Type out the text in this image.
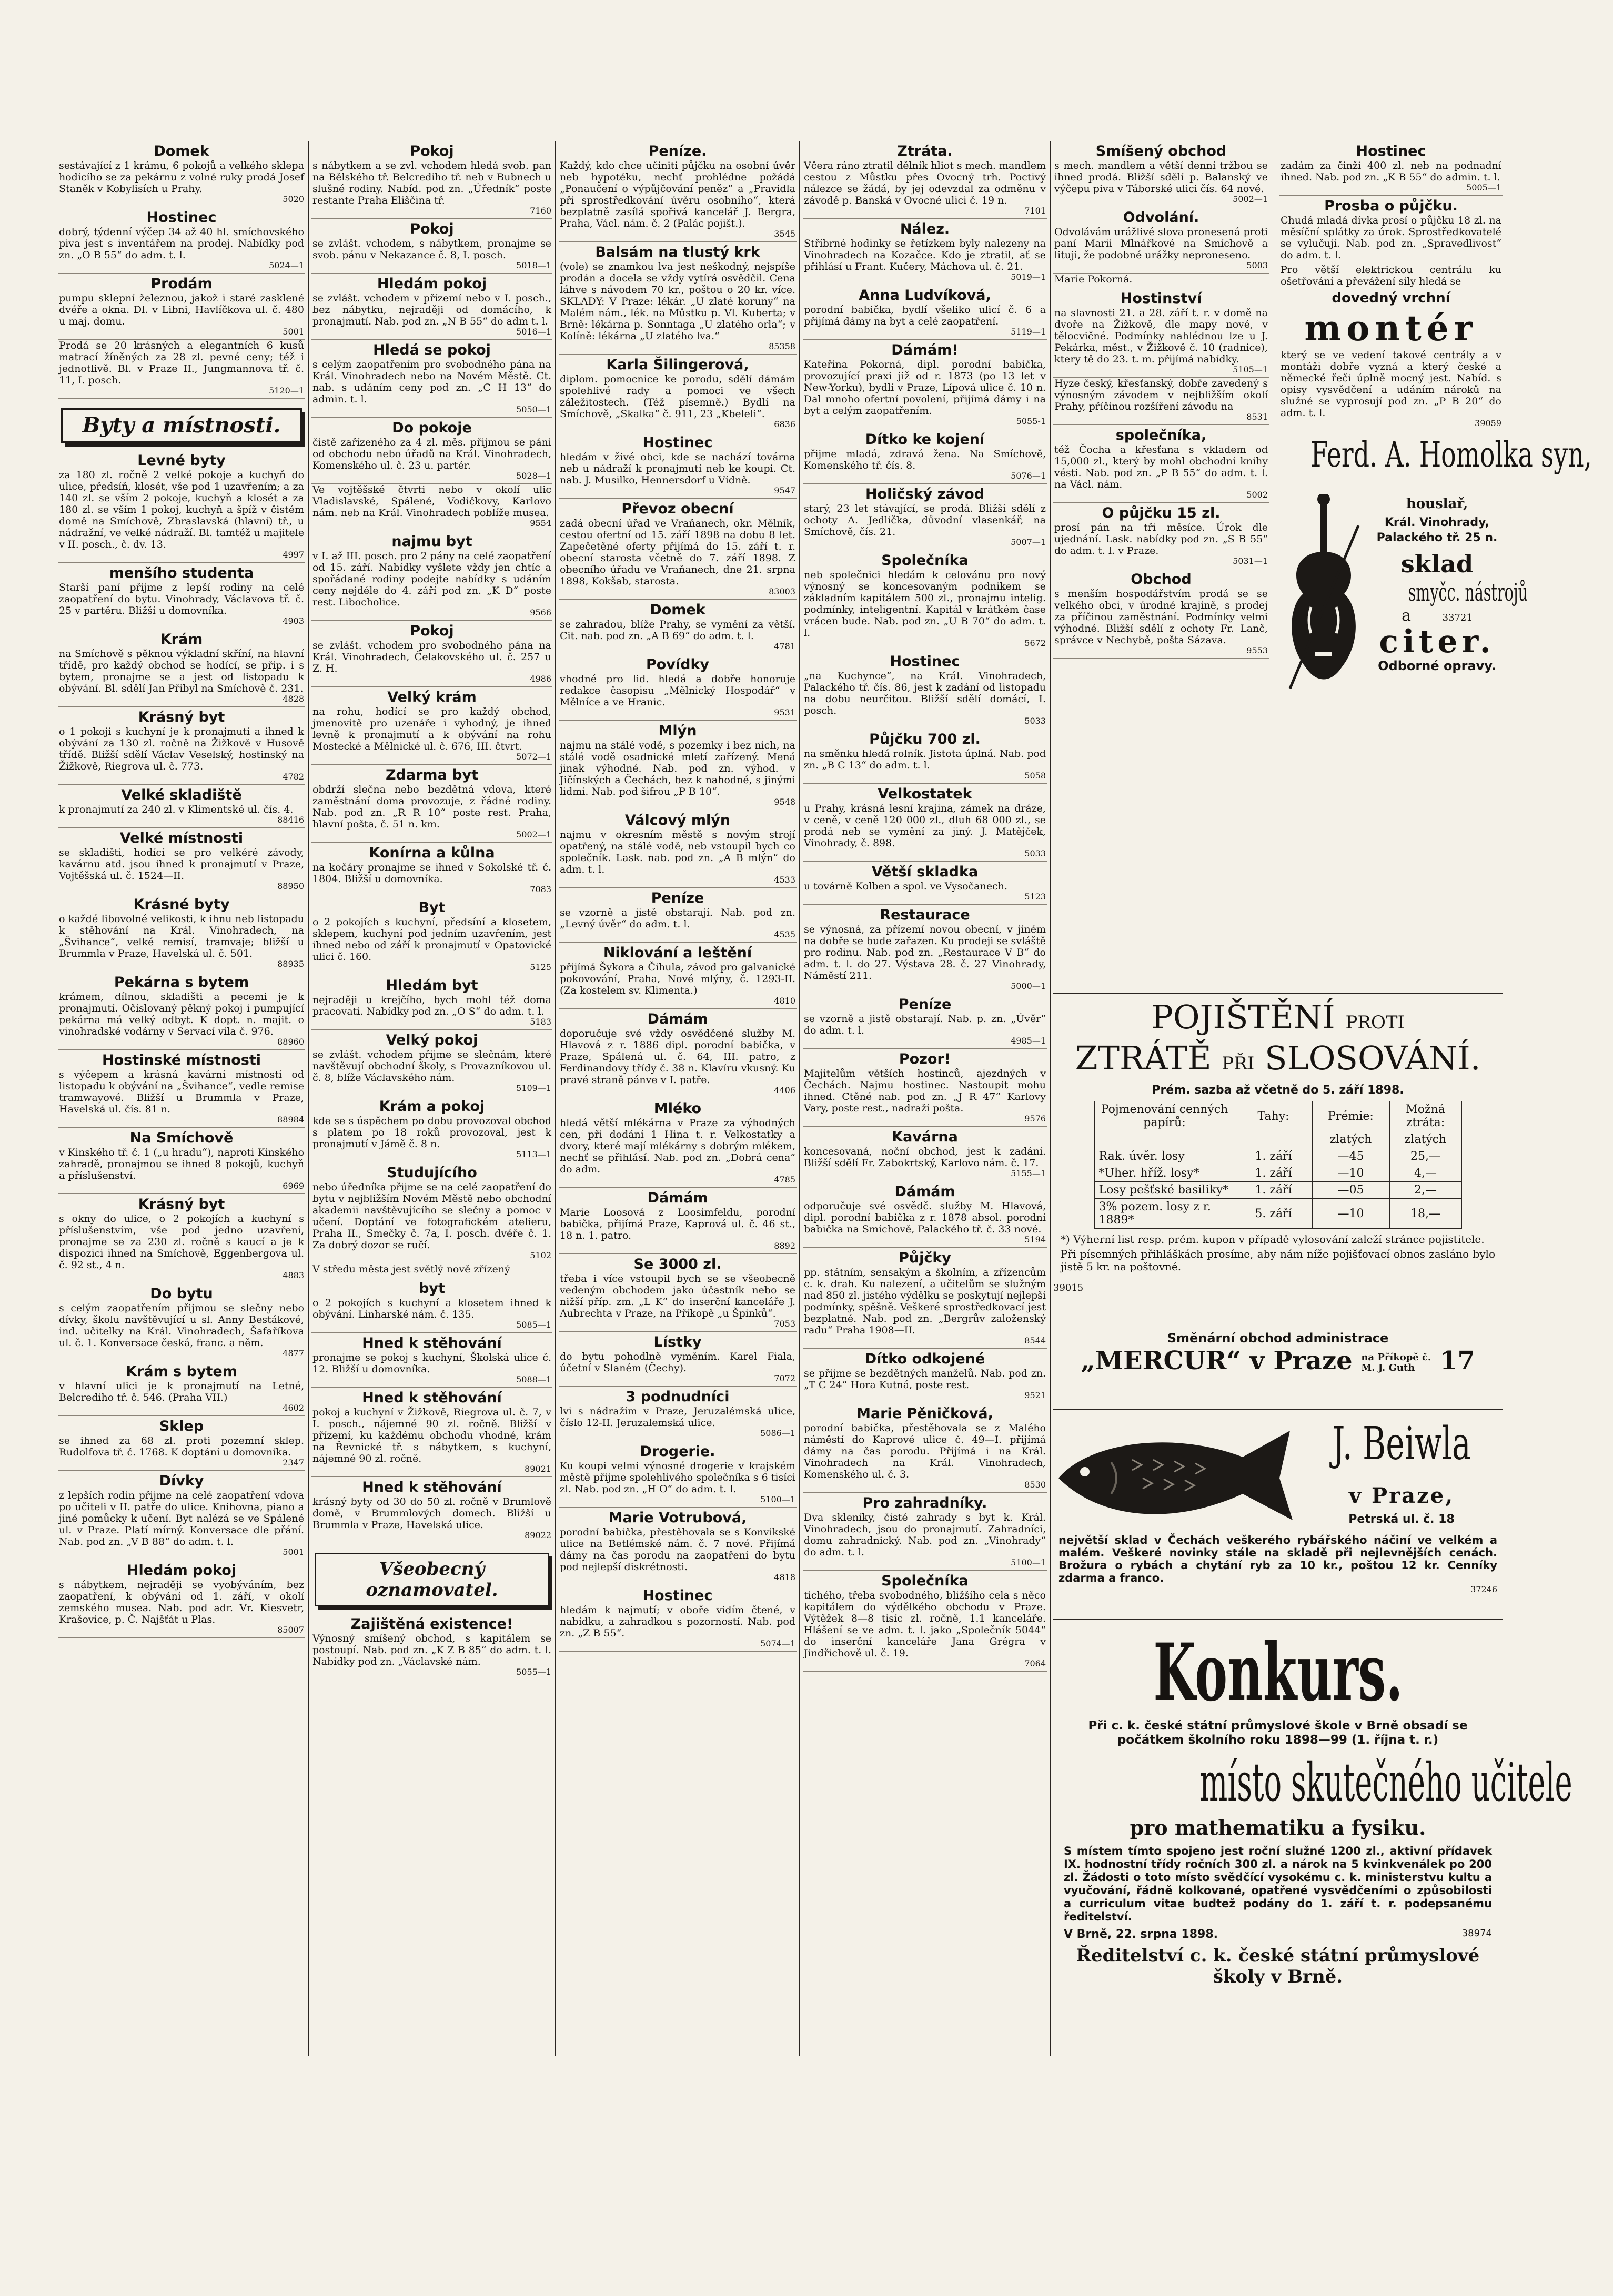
Domek

sestávající z 1 krámu, 6 pokojů a velkého sklepa hodícího se za pekárnu z volné ruky prodá Josef Staněk v Kobylisích u Prahy.

5020

Hostinec

dobrý, týdenní výčep 34 až 40 hl. smíchovského piva jest s inventářem na prodej. Nabídky pod zn. „O B 55“ do adm. t. l.

5024—1

Prodám

pumpu sklepní železnou, jakož i staré zasklené dvéře a okna. Dl. v Libni, Havlíčkova ul. č. 480 u maj. domu.

5001

Prodá se 20 krásných a elegantních 6 kusů matrací žíněných za 28 zl. pevné ceny; též i jednotlivě. Bl. v Praze II., Jungmannova tř. č. 11, I. posch.

5120—1

Byty a místnosti.
Levné byty

za 180 zl. ročně 2 velké pokoje a kuchyň do ulice, předsíň, klosét, vše pod 1 uzavřením; a za 140 zl. se vším 2 pokoje, kuchyň a klosét a za 180 zl. se vším 1 pokoj, kuchyň a špíž v čistém domě na Smíchově, Zbraslavská (hlavní) tř., u nádražní, ve velké nádraží. Bl. tamtéž u majitele v II. posch., č. dv. 13.

4997

menšího studenta

Starší paní přijme z lepší rodiny na celé zaopatření do bytu. Vinohrady, Václavova tř. č. 25 v partěru. Bližší u domovníka.

4903

Krám

na Smíchově s pěknou výkladní skříní, na hlavní třídě, pro každý obchod se hodící, se přip. i s bytem, pronajme se a jest od listopadu k obývání. Bl. sdělí Jan Přibyl na Smíchově č. 231.

4828

Krásný byt

o 1 pokoji s kuchyní je k pronajmutí a ihned k obývání za 130 zl. ročně na Žižkově v Husově třídě. Bližší sdělí Václav Veselský, hostinský na Žižkově, Riegrova ul. č. 773.

4782

Velké skladiště

k pronajmutí za 240 zl. v Klimentské ul. čís. 4.

88416

Velké místnosti

se skladišti, hodící se pro velkéré závody, kavárnu atd. jsou ihned k pronajmutí v Praze, Vojtěšská ul. č. 1524—II.

88950

Krásné byty

o každé libovolné velikosti, k ihnu neb listopadu k stěhování na Král. Vinohradech, na „Švihance“, velké remisí, tramvaje; bližší u Brummla v Praze, Havelská ul. č. 501.

88935

Pekárna s bytem

krámem, dílnou, skladišti a pecemi je k pronajmutí. Očíslovaný pěkný pokoj i pumpující pekárna má velký odbyt. K dopt. n. majit. o vinohradské vodárny v Servací vila č. 976.

88960

Hostinské místnosti

s výčepem a krásná kavární místností od listopadu k obývání na „Švihance“, vedle remise tramwayové. Bližší u Brummla v Praze, Havelská ul. čís. 81 n.

88984

Na Smíchově

v Kinského tř. č. 1 („u hradu“), naproti Kinského zahradě, pronajmou se ihned 8 pokojů, kuchyň a příslušenství.

6969

Krásný byt

s okny do ulice, o 2 pokojích a kuchyní s příslušenstvím, vše pod jedno uzavření, pronajme se za 230 zl. ročně s kaucí a je k dispozici ihned na Smíchově, Eggenbergova ul. č. 92 st., 4 n.

4883

Do bytu

s celým zaopatřením přijmou se slečny nebo dívky, školu navštěvující u sl. Anny Bestákové, ind. učitelky na Král. Vinohradech, Šafaříkova ul. č. 1. Konversace česká, franc. a něm.

4877

Krám s bytem

v hlavní ulici je k pronajmutí na Letné, Belcrediho tř. č. 546. (Praha VII.)

4602

Sklep

se ihned za 68 zl. proti pozemní sklep. Rudolfova tř. č. 1768. K doptání u domovníka.

2347

Dívky

z lepších rodin přijme na celé zaopatření vdova po učiteli v II. patře do ulice. Knihovna, piano a jiné pomůcky k učení. Byt nalézá se ve Spálené ul. v Praze. Platí mírný. Konversace dle přání. Nab. pod zn. „V B 88“ do adm. t. l.

5001

Hledám pokoj

s nábytkem, nejraději se vyobýváním, bez zaopatření, k obývání od 1. září, v okolí zemského musea. Nab. pod adr. Vr. Kiesvetr, Krašovice, p. Č. Najšťát u Plas.

85007

Pokoj

s nábytkem a se zvl. vchodem hledá svob. pan na Bělského tř. Belcrediho tř. neb v Bubnech u slušné rodiny. Nabíd. pod zn. „Úředník“ poste restante Praha Eliščina tř.

7160

Pokoj

se zvlášt. vchodem, s nábytkem, pronajme se svob. pánu v Nekazance č. 8, I. posch.

5018—1

Hledám pokoj

se zvlášt. vchodem v přízemí nebo v I. posch., bez nábytku, nejraději od domácího, k pronajmutí. Nab. pod zn. „N B 55“ do adm t. l.

5016—1

Hledá se pokoj

s celým zaopatřením pro svobodného pána na Král. Vinohradech nebo na Novém Městě. Ct. nab. s udáním ceny pod zn. „C H 13“ do admin. t. l.

5050—1

Do pokoje

čistě zařízeného za 4 zl. měs. přijmou se páni od obchodu nebo úřadů na Král. Vinohradech, Komenského ul. č. 23 u. partér.

5028—1

Ve vojtěšské čtvrti nebo v okolí ulic Vladislavské, Spálené, Vodičkovy, Karlovo nám. neb na Král. Vinohradech poblíže musea.

9554

najmu byt

v I. až III. posch. pro 2 pány na celé zaopatření od 15. září. Nabídky vyšlete vždy jen chtíc a spořádané rodiny podejte nabídky s udáním ceny nejdéle do 4. září pod zn. „K D“ poste rest. Libocholice.

9566

Pokoj

se zvlášt. vchodem pro svobodného pána na Král. Vinohradech, Čelakovského ul. č. 257 u Z. H.

4986

Velký krám

na rohu, hodící se pro každý obchod, jmenovitě pro uzenáře i vyhodný, je ihned levně k pronajmutí a k obývání na rohu Mostecké a Mělnické ul. č. 676, III. čtvrt.

5072—1

Zdarma byt

obdrží slečna nebo bezdětná vdova, které zaměstnání doma provozuje, z řádné rodiny. Nab. pod zn. „R R 10“ poste rest. Praha, hlavní pošta, č. 51 n. km.

5002—1

Konírna a kůlna

na kočáry pronajme se ihned v Sokolské tř. č. 1804. Bližší u domovníka.

7083

Byt

o 2 pokojích s kuchyní, předsíní a klosetem, sklepem, kuchyní pod jedním uzavřením, jest ihned nebo od září k pronajmutí v Opatovické ulici č. 160.

5125

Hledám byt

nejraději u krejčího, bych mohl též doma pracovati. Nabídky pod zn. „O S“ do adm. t. l.

5183

Velký pokoj

se zvlášt. vchodem přijme se slečnám, které navštěvují obchodní školy, s Provazníkovou ul. č. 8, blíže Václavského nám.

5109—1

Krám a pokoj

kde se s úspěchem po dobu provozoval obchod s platem po 18 roků provozoval, jest k pronajmutí v Jámě č. 8 n.

5113—1

Studujícího

nebo úředníka přijme se na celé zaopatření do bytu v nejbližším Novém Městě nebo obchodní akademii navštěvujícího se slečny a pomoc v učení. Doptání ve fotografickém atelieru, Praha II., Smečky č. 7a, I. posch. dvéře č. 1. Za dobrý dozor se ručí.

5102

V středu města jest světlý nově zřízený

byt

o 2 pokojích s kuchyní a klosetem ihned k obývání. Linharské nám. č. 135.

5085—1

Hned k stěhování

pronajme se pokoj s kuchyní, Školská ulice č. 12. Bližší u domovníka.

5088—1

Hned k stěhování

pokoj a kuchyní v Žižkově, Riegrova ul. č. 7, v I. posch., nájemné 90 zl. ročně. Bližší v přízemí, ku každému obchodu vhodné, krám na Řevnické tř. s nábytkem, s kuchyní, nájemné 90 zl. ročně.

89021

Hned k stěhování

krásný byty od 30 do 50 zl. ročně v Brumlově domě, v Brummlových domech. Bližší u Brummla v Praze, Havelská ulice.

89022

Všeobecný oznamovatel.
Zajištěná existence!

Výnosný smíšený obchod, s kapitálem se postoupí. Nab. pod zn. „K Z B 85“ do adm. t. l. Nabídky pod zn. „Václavské nám.

5055—1

Peníze.

Každý, kdo chce učiniti půjčku na osobní úvěr neb hypotéku, nechť prohlédne požádá „Ponaučení o výpůjčování peněz“ a „Pravidla při sprostředkování úvěru osobního“, která bezplatně zasílá spořivá kancelář J. Bergra, Praha, Václ. nám. č. 2 (Palác pojišt.).

3545

Balsám na tlustý krk

(vole) se znamkou lva jest neškodný, nejspíše prodán a docela se vždy vytírá osvědčil. Cena láhve s návodem 70 kr., poštou o 20 kr. více. SKLADY: V Praze: lékár. „U zlaté koruny“ na Malém nám., lék. na Můstku p. Vl. Kuberta; v Brně: lékárna p. Sonntaga „U zlatého orla“; v Kolíně: lékárna „U zlatého lva.“

85358

Karla Šilingerová,

diplom. pomocnice ke porodu, sdělí dámám spolehlivé rady a pomoci ve všech záležitostech. (Též písemně.) Bydlí na Smíchově, „Skalka“ č. 911, 23 „Kbeleli“.

6836

Hostinec

hledám v živé obci, kde se nachází továrna neb u nádraží k pronajmutí neb ke koupi. Ct. nab. J. Musilko, Hennersdorf u Vídně.

9547

Převoz obecní

zadá obecní úřad ve Vraňanech, okr. Mělník, cestou ofertní od 15. září 1898 na dobu 8 let. Zapečetěné oferty přijímá do 15. září t. r. obecní starosta včetně do 7. září 1898. Z obecního úřadu ve Vraňanech, dne 21. srpna 1898, Kokšab, starosta.

83003

Domek

se zahradou, blíže Prahy, se vymění za větší. Cit. nab. pod zn. „A B 69“ do adm. t. l.

4781

Povídky

vhodné pro lid. hledá a dobře honoruje redakce časopisu „Mělnický Hospodář“ v Mělníce a ve Hranic.

9531

Mlýn

najmu na stálé vodě, s pozemky i bez nich, na stálé vodě osadnické mletí zařízený. Mená jinak výhodné. Nab. pod zn. výhod. v Jičínských a Čechách, bez k nahodné, s jinými lidmi. Nab. pod šifrou „P B 10“.

9548

Válcový mlýn

najmu v okresním městě s novým strojí opatřený, na stálé vodě, neb vstoupil bych co společník. Lask. nab. pod zn. „A B mlýn“ do adm. t. l.

4533

Peníze

se vzorně a jistě obstarají. Nab. pod zn. „Levný úvěr“ do adm. t. l.

4535

Niklování a leštění

přijímá Šykora a Čihula, závod pro galvanické pokovování, Praha, Nové mlýny, č. 1293-II. (Za kostelem sv. Klimenta.)

4810

Dámám

doporučuje své vždy osvědčené služby M. Hlavová z r. 1886 dipl. porodní babička, v Praze, Spálená ul. č. 64, III. patro, z Ferdinandovy třídy č. 38 n. Klavíru vkusný. Ku pravé straně pánve v I. patře.

4406

Mléko

hledá větší mlékárna v Praze za výhodných cen, při dodání 1 Hina t. r. Velkostatky a dvory, které mají mlékárny s dobrým mlékem, nechť se přihlásí. Nab. pod zn. „Dobrá cena“ do adm.

4785

Dámám

Marie Loosová z Loosimfeldu, porodní babička, přijímá Praze, Kaprová ul. č. 46 st., 18 n. 1. patro.

8892

Se 3000 zl.

třeba i více vstoupil bych se se všeobecně vedeným obchodem jako účastník nebo se nižší příp. zm. „L K“ do inserční kanceláře J. Aubrechta v Praze, na Příkopě „u Špinků“.

7053

Lístky

do bytu pohodlně vyměním. Karel Fiala, účetní v Slaném (Čechy).

7072

3 podnudníci

lvi s nádražím v Praze, Jeruzalémská ulice, číslo 12-II. Jeruzalemská ulice.

5086—1

Drogerie.

Ku koupi velmi výnosné drogerie v krajském městě přijme spolehlivého společníka s 6 tisíci zl. Nab. pod zn. „H O“ do adm. t. l.

5100—1

Marie Votrubová,

porodní babička, přestěhovala se s Konvikské ulice na Betlémské nám. č. 7 nové. Přijímá dámy na čas porodu na zaopatření do bytu pod nejlepší diskrétnosti.

4818

Hostinec

hledám k najmutí; v oboře vidím čtené, v nabídku, a zahradkou s pozorností. Nab. pod zn. „Z B 55“.

5074—1

Ztráta.

Včera ráno ztratil dělník hliot s mech. mandlem cestou z Můstku přes Ovocný trh. Poctivý nálezce se žádá, by jej odevzdal za odměnu v závodě p. Banská v Ovocné ulici č. 19 n.

7101

Nález.

Stříbrné hodinky se řetízkem byly nalezeny na Vinohradech na Kozačce. Kdo je ztratil, ať se přihlásí u Frant. Kučery, Máchova ul. č. 21.

5019—1

Anna Ludvíková,

porodní babička, bydlí všeliko ulicí č. 6 a přijímá dámy na byt a celé zaopatření.

5119—1

Dámám!

Kateřina Pokorná, dipl. porodní babička, provozující praxi již od r. 1873 (po 13 let v New-Yorku), bydlí v Praze, Lípová ulice č. 10 n. Dal mnoho ofertní povolení, přijímá dámy i na byt a celým zaopatřením.

5055-1

Dítko ke kojení

přijme mladá, zdravá žena. Na Smíchově, Komenského tř. čís. 8.

5076—1

Holičský závod

starý, 23 let stávající, se prodá. Bližší sdělí z ochoty A. Jedlička, důvodní vlasenkář, na Smíchově, čís. 21.

5007—1

Společníka

neb společnici hledám k celovánu pro nový výnosný se koncesovaným podnikem se základním kapitálem 500 zl., pronajmu intelig. podmínky, inteligentní. Kapitál v krátkém čase vrácen bude. Nab. pod zn. „U B 70“ do adm. t. l.

5672

Hostinec

„na Kuchynce“, na Král. Vinohradech, Palackého tř. čís. 86, jest k zadání od listopadu na dobu neurčitou. Bližší sdělí domácí, I. posch.

5033

Půjčku 700 zl.

na směnku hledá rolník. Jistota úplná. Nab. pod zn. „B C 13“ do adm. t. l.

5058

Velkostatek

u Prahy, krásná lesní krajina, zámek na dráze, v ceně, v ceně 120 000 zl., dluh 68 000 zl., se prodá neb se vymění za jiný. J. Matějček, Vinohrady, č. 898.

5033

Větší skladka

u továrně Kolben a spol. ve Vysočanech.

5123

Restaurace

se výnosná, za přízemí novou obecní, v jiném na dobře se bude zařazen. Ku prodeji se svláště pro rodinu. Nab. pod zn. „Restaurace V B“ do adm. t. l. do 27. Výstava 28. č. 27 Vinohrady, Náměstí 211.

5000—1

Peníze

se vzorně a jistě obstarají. Nab. p. zn. „Úvěr“ do adm. t. l.

4985—1

Pozor!

Majitelům větších hostinců, ajezdných v Čechách. Najmu hostinec. Nastoupit mohu ihned. Ctěné nab. pod zn. „J R 47“ Karlovy Vary, poste rest., nadraží pošta.

9576

Kavárna

koncesovaná, noční obchod, jest k zadání. Bližší sdělí Fr. Zabokrtský, Karlovo nám. č. 17.

5155—1

Dámám

odporučuje své osvědč. služby M. Hlavová, dipl. porodní babička z r. 1878 absol. porodní babička na Smíchově, Palackého tř. č. 33 nové.

5194

Půjčky

pp. státním, sensakým a školním, a zřízencům c. k. drah. Ku nalezení, a učitelům se služným nad 850 zl. jistého výdělku se poskytují nejlepší podmínky, spěšně. Veškeré sprostředkovací jest bezplatné. Nab. pod zn. „Bergrův založenský radu“ Praha 1908—II.

8544

Dítko odkojené

se přijme se bezdětných manželů. Nab. pod zn. „T C 24“ Hora Kutná, poste rest.

9521

Marie Pěničková,

porodní babička, přestěhovala se z Malého náměstí do Kaprové ulice č. 49—I. přijímá dámy na čas porodu. Přijímá i na Král. Vinohradech na Král. Vinohradech, Komenského ul. č. 3.

8530

Pro zahradníky.

Dva skleníky, čisté zahrady s byt k. Král. Vinohradech, jsou do pronajmutí. Zahradníci, domu zahradnický. Nab. pod zn. „Vinohrady“ do adm. t. l.

5100—1

Společníka

tichého, třeba svobodného, bližšího cela s něco kapitálem do výdělkého obchodu v Praze. Výtěžek 8—8 tisíc zl. ročně, 1.1 kanceláře. Hlášení se ve adm. t. l. jako „Společník 5044“ do inserční kanceláře Jana Grégra v Jindřichově ul. č. 19.

7064

Smíšený obchod

s mech. mandlem a větší denní tržbou se ihned prodá. Bližší sdělí p. Balanský ve výčepu piva v Táborské ulici čís. 64 nové.

5002—1

Odvolání.

Odvolávám urážlivé slova pronesená proti paní Marii Mlnářkové na Smíchově a lituji, že podobné urážky neproneseno.

5003

Marie Pokorná.

Hostinství

na slavnosti 21. a 28. září t. r. v domě na dvoře na Žižkově, dle mapy nové, v tělocvičné. Podmínky nahlédnou lze u J. Pekárka, měst., v Žižkově č. 10 (radnice), ktery tě do 23. t. m. přijímá nabídky.

5105—1

Hyze český, křesťanský, dobře zavedený s výnosným závodem v nejbližším okolí Prahy, příčinou rozšíření závodu na

8531

společníka,

též Čocha a křesťana s vkladem od 15,000 zl., který by mohl obchodní knihy vésti. Nab. pod zn. „P B 55“ do adm. t. l. na Václ. nám.

5002

O půjčku 15 zl.

prosí pán na tři měsíce. Úrok dle ujednání. Lask. nabídky pod zn. „S B 55“ do adm. t. l. v Praze.

5031—1

Obchod

s menším hospodářstvím prodá se se velkého obci, v úrodné krajině, s prodej za příčinou zaměstnání. Podmínky velmi výhodné. Bližší sdělí z ochoty Fr. Lanč, správce v Nechybě, pošta Sázava.

9553

Hostinec

zadám za činži 400 zl. neb na podnadní ihned. Nab. pod zn. „K B 55“ do admin. t. l.

5005—1

Prosba o půjčku.

Chudá mladá dívka prosí o půjčku 18 zl. na měsíční splátky za úrok. Sprostředkovatelé se vylučují. Nab. pod zn. „Spravedlivost“ do adm. t. l.

Pro větší elektrickou centrálu ku ošetřování a převážení sily hledá se

dovedný vrchní
montér

který se ve vedení takové centrály a v montáži dobře vyzná a který české a německé řeči úplně mocný jest. Nabíd. s opisy vysvědčení a udáním nároků na služné se vyprosují pod zn. „P B 20“ do adm. t. l.

39059

Ferd. A. Homolka syn,
houslař,
Král. Vinohrady,
Palackého tř. 25 n.
sklad
smyčc. nástrojů
a	33721
citer.
Odborné opravy.
POJIŠTĚNÍ PROTI
ZTRÁTĚ PŘI SLOSOVÁNÍ.
Prém. sazba až včetně do 5. září 1898.
Pojmenování cenných papírů:	Tahy:	Prémie:	Možná ztráta:
		zlatých	zlatých
Rak. úvěr. losy	1. září	—45	25,—
*Uher. hříž. losy*	1. září	—10	4,—
Losy pešťské basiliky*	1. září	—05	2,—
3% pozem. losy z r. 1889*	5. září	—10	18,—

*) Výherní list resp. prém. kupon v případě vylosování zaleží stránce pojistitele.

Při písemných přihláškách prosíme, aby nám níže pojišťovací obnos zasláno bylo jistě 5 kr. na poštovné.

39015

Směnární obchod administrace
„MERCUR“ v Praze na Příkopě č.
M. J. Guth 17
J. Beiwla
v Praze,
Petrská ul. č. 18

největší sklad v Čechách veškerého rybářského náčiní ve velkém a malém. Veškeré novinky stále na skladě při nejlevnějších cenách. Brožura o rybách a chytání ryb za 10 kr., poštou 12 kr. Cenníky zdarma a franco.

37246

Konkurs.

Při c. k. české státní průmyslové škole v Brně obsadí se počátkem školního roku 1898—99 (1. října t. r.)

místo skutečného učitele
pro mathematiku a fysiku.

S místem tímto spojeno jest roční služné 1200 zl., aktivní přídavek IX. hodnostní třídy ročních 300 zl. a nárok na 5 kvinkvenálek po 200 zl. Žádosti o toto místo svědčící vysokému c. k. ministerstvu kultu a vyučování, řádně kolkované, opatřené vysvědčeními o způsobilosti a curriculum vitae budtež podány do 1. září t. r. podepsanému ředitelství.

V Brně, 22. srpna 1898.	38974
Ředitelství c. k. české státní průmyslové
školy v Brně.
